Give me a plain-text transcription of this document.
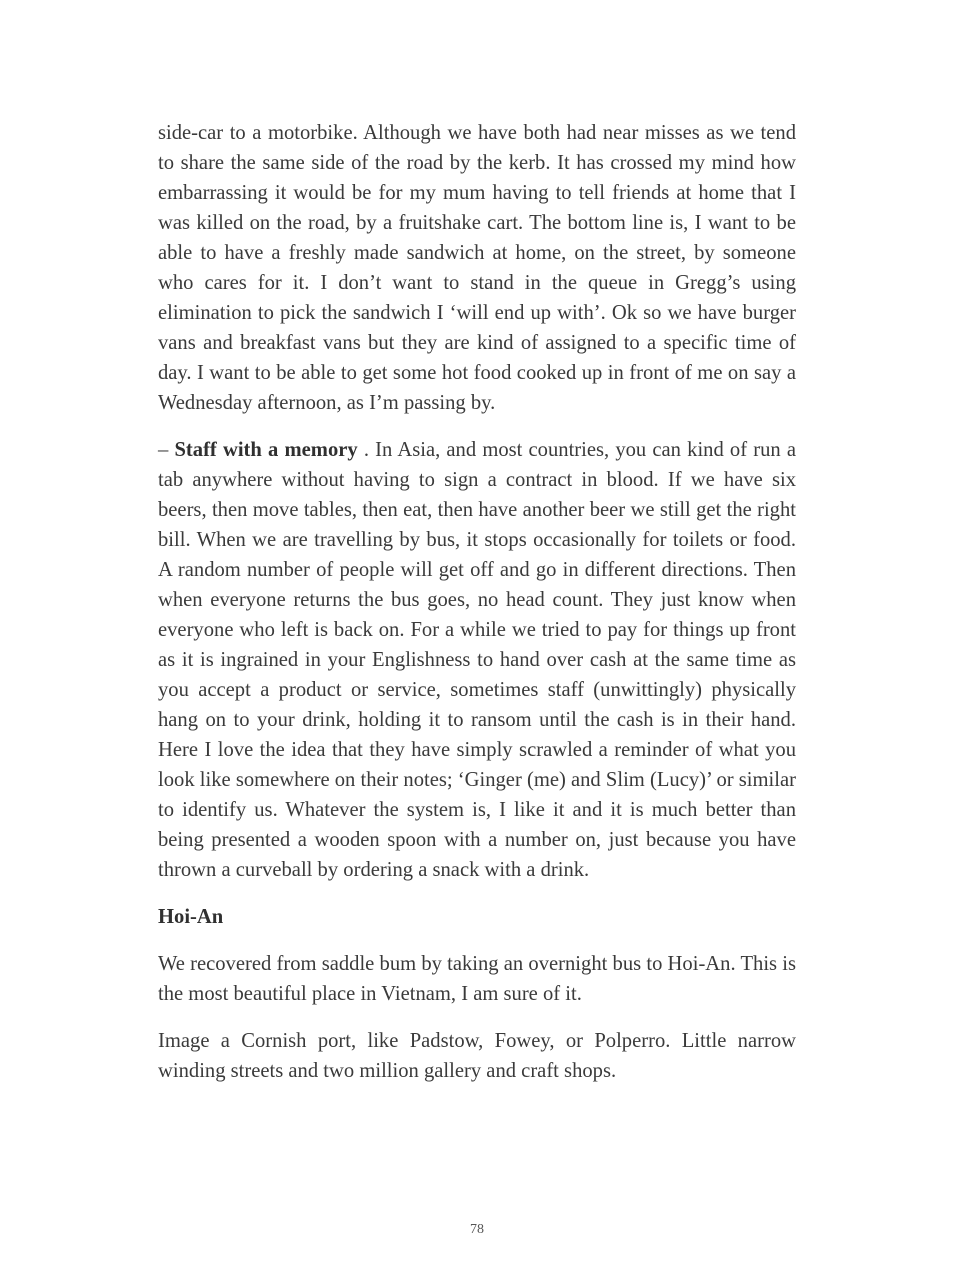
side-car to a motorbike. Although we have both had near misses as we tend to share the same side of the road by the kerb. It has crossed my mind how embarrassing it would be for my mum having to tell friends at home that I was killed on the road, by a fruitshake cart. The bottom line is, I want to be able to have a freshly made sandwich at home, on the street, by someone who cares for it. I don’t want to stand in the queue in Gregg’s using elimination to pick the sandwich I ‘will end up with’. Ok so we have burger vans and breakfast vans but they are kind of assigned to a specific time of day. I want to be able to get some hot food cooked up in front of me on say a Wednesday afternoon, as I’m passing by.

– Staff with a memory . In Asia, and most countries, you can kind of run a tab anywhere without having to sign a contract in blood. If we have six beers, then move tables, then eat, then have another beer we still get the right bill. When we are travelling by bus, it stops occasionally for toilets or food. A random number of people will get off and go in different directions. Then when everyone returns the bus goes, no head count. They just know when everyone who left is back on. For a while we tried to pay for things up front as it is ingrained in your Englishness to hand over cash at the same time as you accept a product or service, sometimes staff (unwittingly) physically hang on to your drink, holding it to ransom until the cash is in their hand. Here I love the idea that they have simply scrawled a reminder of what you look like somewhere on their notes; ‘Ginger (me) and Slim (Lucy)’ or similar to identify us. Whatever the system is, I like it and it is much better than being presented a wooden spoon with a number on, just because you have thrown a curveball by ordering a snack with a drink.

Hoi-An

We recovered from saddle bum by taking an overnight bus to Hoi-An. This is the most beautiful place in Vietnam, I am sure of it.

Image a Cornish port, like Padstow, Fowey, or Polperro. Little narrow winding streets and two million gallery and craft shops.

78
